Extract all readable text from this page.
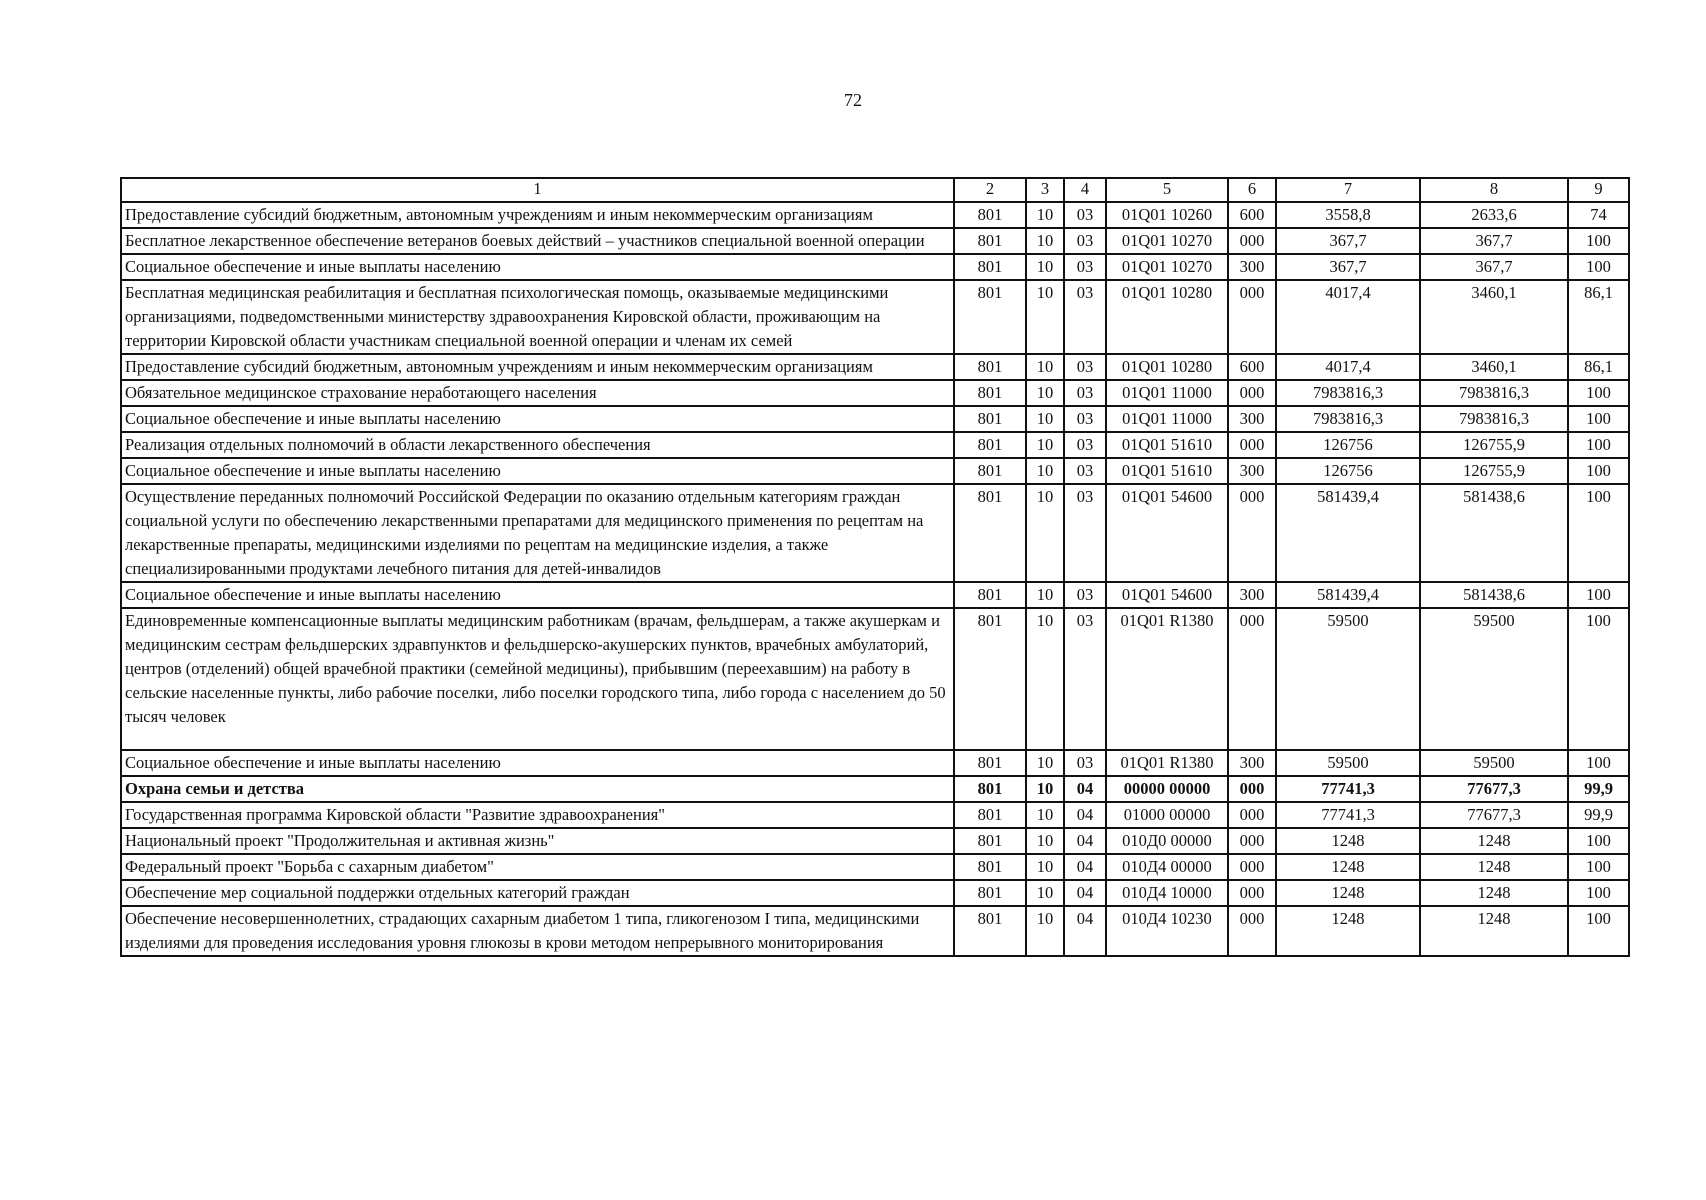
72
1	2	3	4	5	6	7	8	9
Предоставление субсидий бюджетным, автономным учреждениям и иным некоммерческим организациям	801	10	03	01Q01 10260	600	3558,8	2633,6	74
Бесплатное лекарственное обеспечение ветеранов боевых действий – участников специальной военной операции	801	10	03	01Q01 10270	000	367,7	367,7	100
Социальное обеспечение и иные выплаты населению	801	10	03	01Q01 10270	300	367,7	367,7	100
Бесплатная медицинская реабилитация и бесплатная психологическая помощь, оказываемые медицинскими организациями, подведомственными министерству здравоохранения Кировской области, проживающим на территории Кировской области участникам специальной военной операции и членам их семей	801	10	03	01Q01 10280	000	4017,4	3460,1	86,1
Предоставление субсидий бюджетным, автономным учреждениям и иным некоммерческим организациям	801	10	03	01Q01 10280	600	4017,4	3460,1	86,1
Обязательное медицинское страхование неработающего населения	801	10	03	01Q01 11000	000	7983816,3	7983816,3	100
Социальное обеспечение и иные выплаты населению	801	10	03	01Q01 11000	300	7983816,3	7983816,3	100
Реализация отдельных полномочий в области лекарственного обеспечения	801	10	03	01Q01 51610	000	126756	126755,9	100
Социальное обеспечение и иные выплаты населению	801	10	03	01Q01 51610	300	126756	126755,9	100
Осуществление переданных полномочий Российской Федерации по оказанию отдельным категориям граждан социальной услуги по обеспечению лекарственными препаратами для медицинского применения по рецептам на лекарственные препараты, медицинскими изделиями по рецептам на медицинские изделия, а также специализированными продуктами лечебного питания для детей-инвалидов	801	10	03	01Q01 54600	000	581439,4	581438,6	100
Социальное обеспечение и иные выплаты населению	801	10	03	01Q01 54600	300	581439,4	581438,6	100
Единовременные компенсационные выплаты медицинским работникам (врачам, фельдшерам, а также акушеркам и медицинским сестрам фельдшерских здравпунктов и фельдшерско-акушерских пунктов, врачебных амбулаторий, центров (отделений) общей врачебной практики (семейной медицины), прибывшим (переехавшим) на работу в сельские населенные пункты, либо рабочие поселки, либо поселки городского типа, либо города с населением до 50 тысяч человек	801	10	03	01Q01 R1380	000	59500	59500	100
Социальное обеспечение и иные выплаты населению	801	10	03	01Q01 R1380	300	59500	59500	100
Охрана семьи и детства	801	10	04	00000 00000	000	77741,3	77677,3	99,9
Государственная программа Кировской области "Развитие здравоохранения"	801	10	04	01000 00000	000	77741,3	77677,3	99,9
Национальный проект "Продолжительная и активная жизнь"	801	10	04	010Д0 00000	000	1248	1248	100
Федеральный проект "Борьба с сахарным диабетом"	801	10	04	010Д4 00000	000	1248	1248	100
Обеспечение мер социальной поддержки отдельных категорий граждан	801	10	04	010Д4 10000	000	1248	1248	100
Обеспечение несовершеннолетних, страдающих сахарным диабетом 1 типа, гликогенозом I типа, медицинскими изделиями для проведения исследования уровня глюкозы в крови методом непрерывного мониторирования	801	10	04	010Д4 10230	000	1248	1248	100
